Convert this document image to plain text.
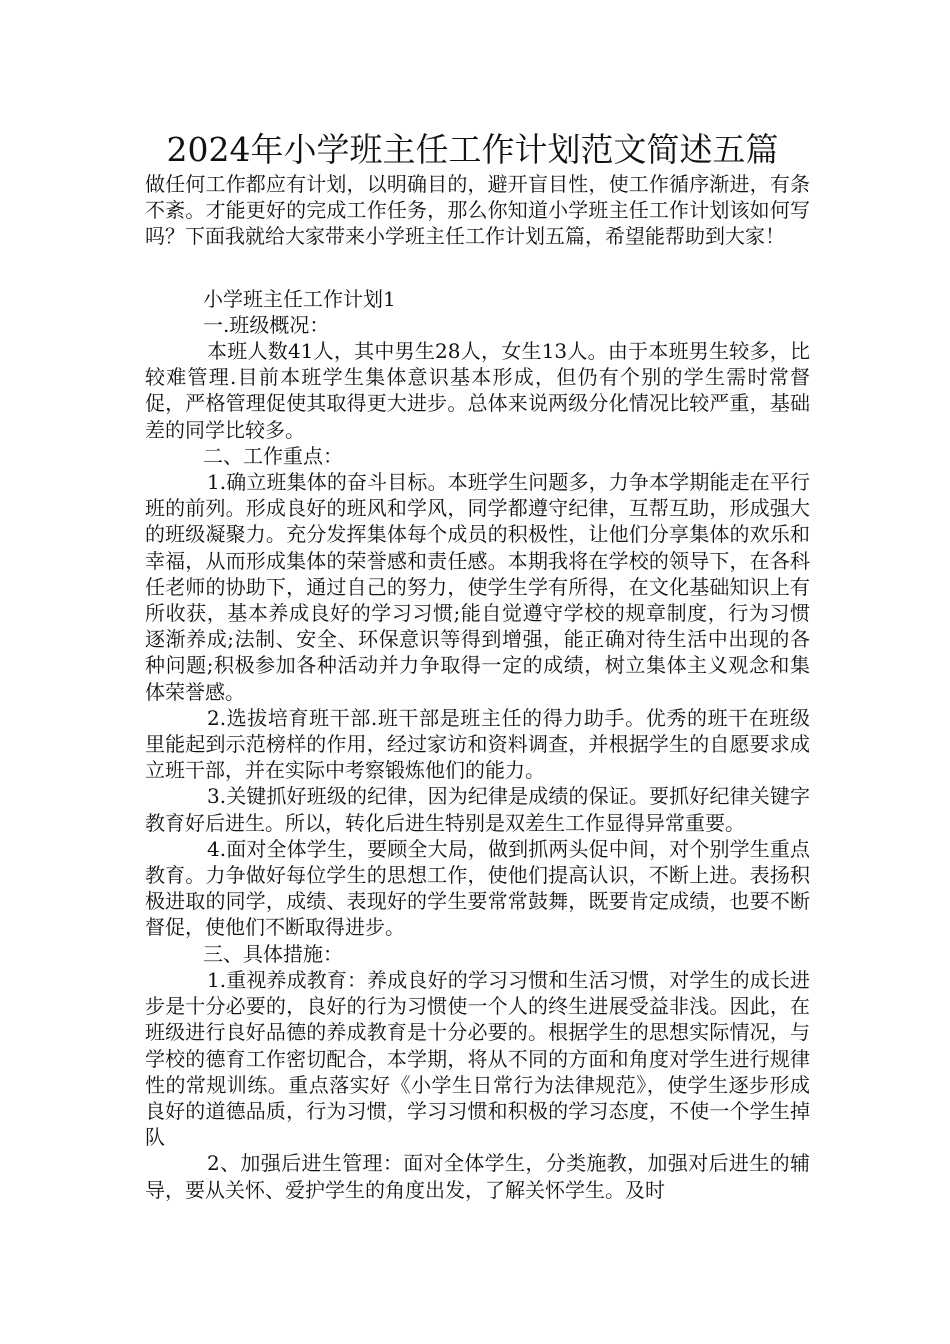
2024年小学班主任工作计划范文简述五篇

做任何工作都应有计划，以明确目的，避开盲目性，使工作循序渐进，有条不紊。才能更好的完成工作任务，那么你知道小学班主任工作计划该如何写吗？下面我就给大家带来小学班主任工作计划五篇，希望能帮助到大家！

小学班主任工作计划1

一.班级概况：

本班人数41人，其中男生28人，女生13人。由于本班男生较多，比较难管理.目前本班学生集体意识基本形成，但仍有个别的学生需时常督促，严格管理促使其取得更大进步。总体来说两级分化情况比较严重，基础差的同学比较多。

二、工作重点：

1.确立班集体的奋斗目标。本班学生问题多，力争本学期能走在平行班的前列。形成良好的班风和学风，同学都遵守纪律，互帮互助，形成强大的班级凝聚力。充分发挥集体每个成员的积极性，让他们分享集体的欢乐和幸福，从而形成集体的荣誉感和责任感。本期我将在学校的领导下，在各科任老师的协助下，通过自己的努力，使学生学有所得，在文化基础知识上有所收获，基本养成良好的学习习惯;能自觉遵守学校的规章制度，行为习惯逐渐养成;法制、安全、环保意识等得到增强，能正确对待生活中出现的各种问题;积极参加各种活动并力争取得一定的成绩，树立集体主义观念和集体荣誉感。

2.选拔培育班干部.班干部是班主任的得力助手。优秀的班干在班级里能起到示范榜样的作用，经过家访和资料调查，并根据学生的自愿要求成立班干部，并在实际中考察锻炼他们的能力。

3.关键抓好班级的纪律，因为纪律是成绩的保证。要抓好纪律关键字教育好后进生。所以，转化后进生特别是双差生工作显得异常重要。

4.面对全体学生，要顾全大局，做到抓两头促中间，对个别学生重点教育。力争做好每位学生的思想工作，使他们提高认识，不断上进。表扬积极进取的同学，成绩、表现好的学生要常常鼓舞，既要肯定成绩，也要不断督促，使他们不断取得进步。

三、具体措施：

1.重视养成教育：养成良好的学习习惯和生活习惯，对学生的成长进步是十分必要的，良好的行为习惯使一个人的终生进展受益非浅。因此，在班级进行良好品德的养成教育是十分必要的。根据学生的思想实际情况，与学校的德育工作密切配合，本学期，将从不同的方面和角度对学生进行规律性的常规训练。重点落实好《小学生日常行为法律规范》，使学生逐步形成良好的道德品质，行为习惯，学习习惯和积极的学习态度，不使一个学生掉队

2、加强后进生管理：面对全体学生，分类施教，加强对后进生的辅导，要从关怀、爱护学生的角度出发，了解关怀学生。及时
